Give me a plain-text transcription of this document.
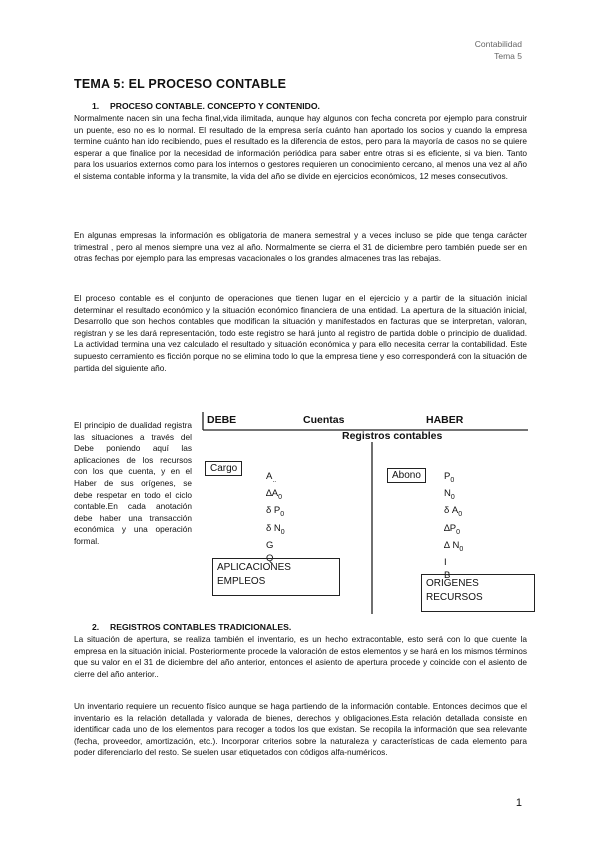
Contabilidad
Tema 5
TEMA 5: EL PROCESO CONTABLE
1. PROCESO CONTABLE. CONCEPTO Y CONTENIDO.

Normalmente nacen sin una fecha final,vida ilimitada, aunque hay algunos con fecha concreta por ejemplo para construir un puente, eso no es lo normal. El resultado de la empresa sería cuánto han aportado los socios y cuando la empresa termine cuánto han ido recibiendo, pues el resultado es la diferencia de estos, pero para la mayoría de casos no se quiere esperar a que finalice por la necesidad de información periódica para saber entre otras si es eficiente, si va bien. Tanto para los usuarios externos como para los internos o gestores requieren un conocimiento cercano, al menos una vez al año el sistema contable informa y la transmite, la vida del año se divide en ejercicios económicos, 12 meses consecutivos.

En algunas empresas la información es obligatoria de manera semestral y a veces incluso se pide que tenga carácter trimestral , pero al menos siempre una vez al año. Normalmente se cierra el 31 de diciembre pero también puede ser en otras fechas por ejemplo para las empresas vacacionales o los grandes almacenes tras las rebajas.

El proceso contable es el conjunto de operaciones que tienen lugar en el ejercicio y a partir de la situación inicial determinar el resultado económico y la situación económico financiera de una entidad. La apertura de la situación inicial, Desarrollo que son hechos contables que modifican la situación y manifestados en facturas que se interpretan, valoran, registran y se les dará representación, todo este registro se hará junto al registro de partida doble o principio de dualidad. La actividad termina una vez calculado el resultado y situación económica y para ello necesita cerrar la contabilidad. Este supuesto cerramiento es ficción porque no se elimina todo lo que la empresa tiene y eso corresponderá con la situación de partida del siguiente año.

El principio de dualidad registra las situaciones a través del Debe poniendo aquí las aplicaciones de los recursos con los que cuenta, y en el Haber de sus orígenes, se debe respetar en todo el ciclo contable.En cada anotación debe haber una transacción económica y una operación formal.

DEBE	Cuentas	HABER
Registros contables
Cargo
Abono
$A_{..}$
$\Delta A_0$
δ $P_0$
δ $N_0$
G
Q
$P_0$
$N_0$
δ $A_0$
$\Delta P_0$
∆ $N_0$
I
B
APLICACIONES
EMPLEOS	ORIGENES
RECURSOS
2. REGISTROS CONTABLES TRADICIONALES.

La situación de apertura, se realiza también el inventario, es un hecho extracontable, esto será con lo que cuente la empresa en la situación inicial. Posteriormente procede la valoración de estos elementos y se hará en los mismos términos que su valor en el 31 de diciembre del año anterior, entonces el asiento de apertura procede y coincide con el asiento de cierre del año anterior..

Un inventario requiere un recuento físico aunque se haga partiendo de la información contable. Entonces decimos que el inventario es la relación detallada y valorada de bienes, derechos y obligaciones.Esta relación detallada consiste en identificar cada uno de los elementos para recoger a todos los que existan. Se recopila la información que sea relevante (fecha, proveedor, amortización, etc.). Incorporar criterios sobre la naturaleza y características de cada elemento para poder diferenciarlo del resto. Se suelen usar etiquetados con códigos alfa-numéricos.

1
